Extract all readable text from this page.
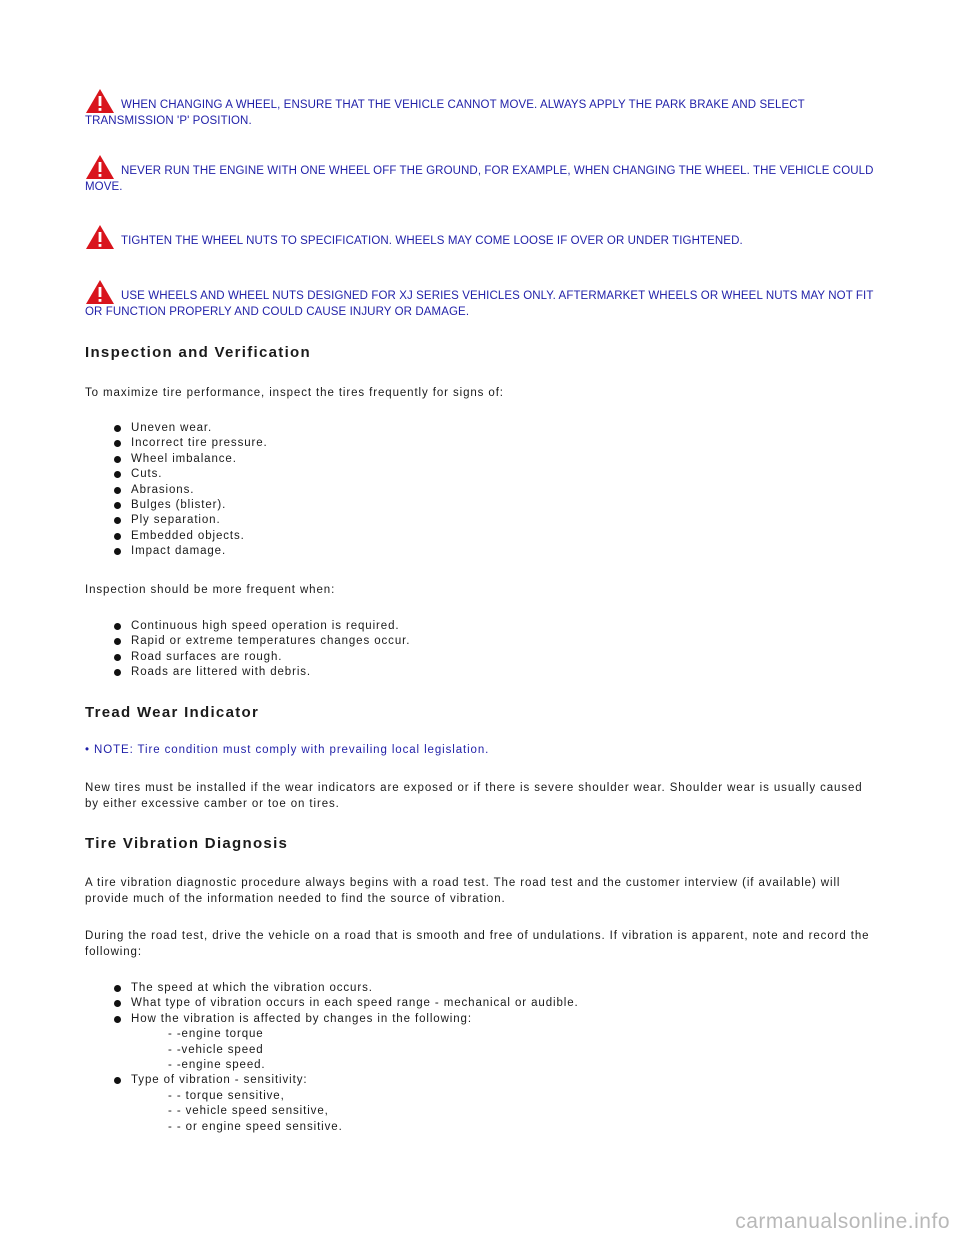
WHEN CHANGING A WHEEL, ENSURE THAT THE VEHICLE CANNOT MOVE. ALWAYS APPLY THE PARK BRAKE AND SELECT TRANSMISSION 'P' POSITION.
NEVER RUN THE ENGINE WITH ONE WHEEL OFF THE GROUND, FOR EXAMPLE, WHEN CHANGING THE WHEEL. THE VEHICLE COULD MOVE.
TIGHTEN THE WHEEL NUTS TO SPECIFICATION. WHEELS MAY COME LOOSE IF OVER OR UNDER TIGHTENED.
USE WHEELS AND WHEEL NUTS DESIGNED FOR XJ SERIES VEHICLES ONLY. AFTERMARKET WHEELS OR WHEEL NUTS MAY NOT FIT OR FUNCTION PROPERLY AND COULD CAUSE INJURY OR DAMAGE.
Inspection and Verification

To maximize tire performance, inspect the tires frequently for signs of:

Uneven wear.
Incorrect tire pressure.
Wheel imbalance.
Cuts.
Abrasions.
Bulges (blister).
Ply separation.
Embedded objects.
Impact damage.

Inspection should be more frequent when:

Continuous high speed operation is required.
Rapid or extreme temperatures changes occur.
Road surfaces are rough.
Roads are littered with debris.
Tread Wear Indicator

• NOTE: Tire condition must comply with prevailing local legislation.

New tires must be installed if the wear indicators are exposed or if there is severe shoulder wear. Shoulder wear is usually caused by either excessive camber or toe on tires.

Tire Vibration Diagnosis

A tire vibration diagnostic procedure always begins with a road test. The road test and the customer interview (if available) will provide much of the information needed to find the source of vibration.

During the road test, drive the vehicle on a road that is smooth and free of undulations. If vibration is apparent, note and record the following:

The speed at which the vibration occurs.
What type of vibration occurs in each speed range - mechanical or audible.
How the vibration is affected by changes in the following:
- -engine torque
- -vehicle speed
- -engine speed.
Type of vibration - sensitivity:
- - torque sensitive,
- - vehicle speed sensitive,
- - or engine speed sensitive.
carmanualsonline.info
